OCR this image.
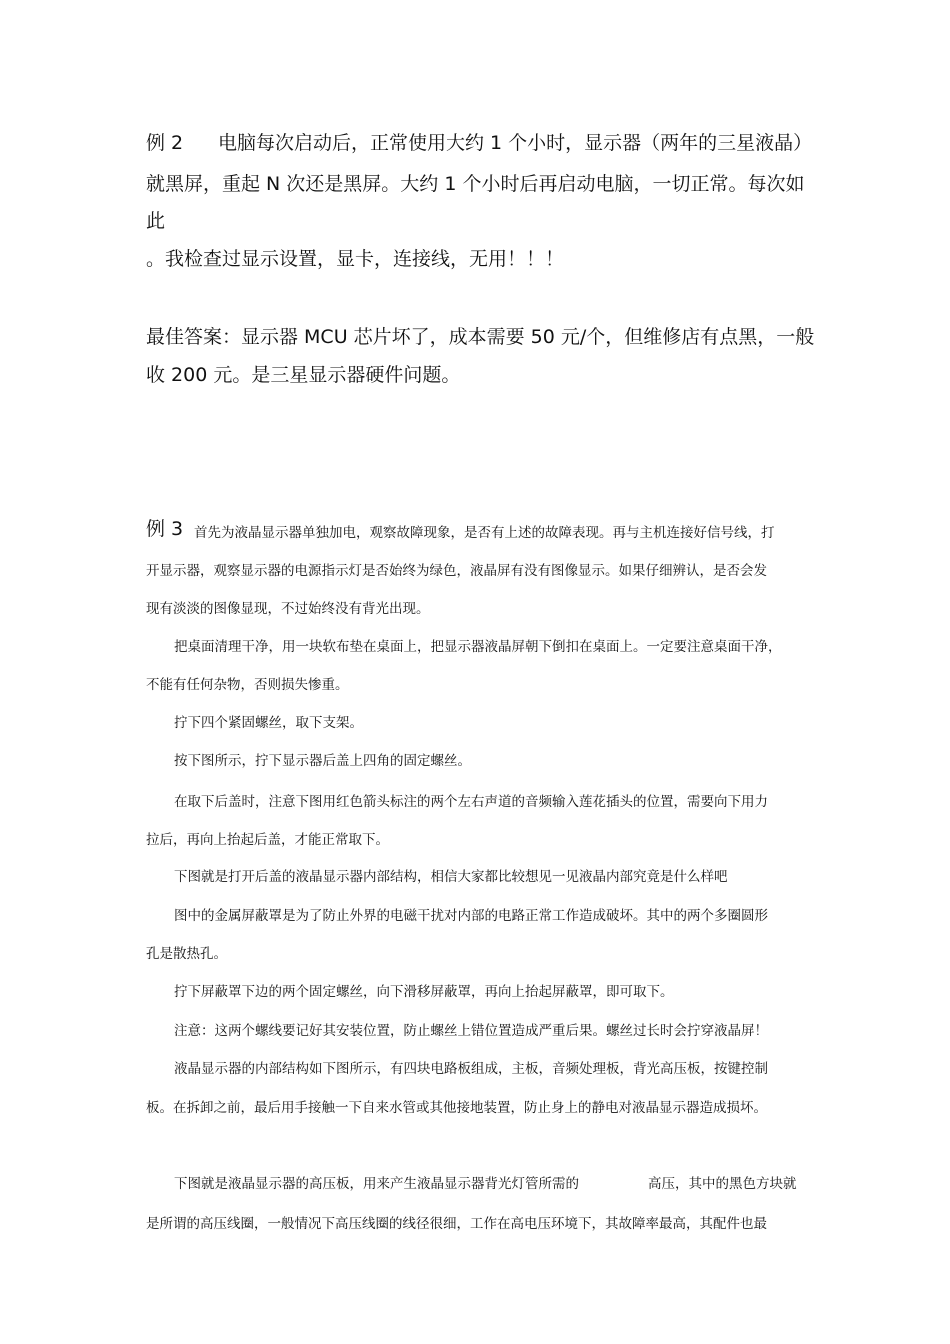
例 2 电脑每次启动后，正常使用大约 1 个小时，显示器（两年的三星液晶）
就黑屏，重起 N 次还是黑屏。大约 1 个小时后再启动电脑，一切正常。每次如
此
。我检查过显示设置，显卡，连接线，无用！！！
最佳答案：显示器 MCU 芯片坏了，成本需要 50 元/个，但维修店有点黑，一般
收 200 元。是三星显示器硬件问题。
例 3 首先为液晶显示器单独加电，观察故障现象，是否有上述的故障表现。再与主机连接好信号线，打
开显示器，观察显示器的电源指示灯是否始终为绿色，液晶屏有没有图像显示。如果仔细辨认，是否会发
现有淡淡的图像显现，不过始终没有背光出现。
把桌面清理干净，用一块软布垫在桌面上，把显示器液晶屏朝下倒扣在桌面上。一定要注意桌面干净，
不能有任何杂物，否则损失惨重。
拧下四个紧固螺丝，取下支架。
按下图所示，拧下显示器后盖上四角的固定螺丝。
在取下后盖时，注意下图用红色箭头标注的两个左右声道的音频输入莲花插头的位置，需要向下用力
拉后，再向上抬起后盖，才能正常取下。
下图就是打开后盖的液晶显示器内部结构，相信大家都比较想见一见液晶内部究竟是什么样吧
图中的金属屏蔽罩是为了防止外界的电磁干扰对内部的电路正常工作造成破坏。其中的两个多圈圆形
孔是散热孔。
拧下屏蔽罩下边的两个固定螺丝，向下滑移屏蔽罩，再向上抬起屏蔽罩，即可取下。
注意：这两个螺线要记好其安装位置，防止螺丝上错位置造成严重后果。螺丝过长时会拧穿液晶屏！
液晶显示器的内部结构如下图所示，有四块电路板组成，主板，音频处理板，背光高压板，按键控制
板。在拆卸之前，最后用手接触一下自来水管或其他接地装置，防止身上的静电对液晶显示器造成损坏。
下图就是液晶显示器的高压板，用来产生液晶显示器背光灯管所需的	高压，其中的黑色方块就
是所谓的高压线圈，一般情况下高压线圈的线径很细，工作在高电压环境下，其故障率最高，其配件也最
